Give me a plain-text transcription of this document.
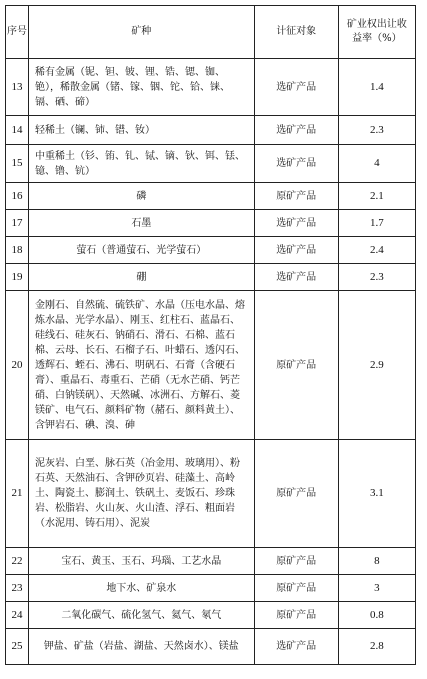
序号	矿种	计征对象	矿业权出让收益率（%）
13	稀有金属（铌、钽、铍、锂、锆、锶、铷、铯），稀散金属（锗、镓、铟、铊、铪、铼、镉、硒、碲）	选矿产品	1.4
14	轻稀土（镧、铈、镨、钕）	选矿产品	2.3
15	中重稀土（钐、铕、钆、铽、镝、钬、铒、铥、镱、镥、钪）	选矿产品	4
16	磷	原矿产品	2.1
17	石墨	选矿产品	1.7
18	萤石（普通萤石、光学萤石）	选矿产品	2.4
19	硼	选矿产品	2.3
20	金刚石、自然硫、硫铁矿、水晶（压电水晶、熔炼水晶、光学水晶）、刚玉、红柱石、蓝晶石、硅线石、硅灰石、钠硝石、滑石、石棉、蓝石棉、云母、长石、石榴子石、叶蜡石、透闪石、透辉石、蛭石、沸石、明矾石、石膏（含硬石膏）、重晶石、毒重石、芒硝（无水芒硝、钙芒硝、白钠镁矾）、天然碱、冰洲石、方解石、菱镁矿、电气石、颜料矿物（赭石、颜料黄土）、含钾岩石、碘、溴、砷	原矿产品	2.9
21	泥灰岩、白垩、脉石英（冶金用、玻璃用）、粉石英、天然油石、含钾砂页岩、硅藻土、高岭土、陶瓷土、膨润土、铁矾土、麦饭石、珍珠岩、松脂岩、火山灰、火山渣、浮石、粗面岩（水泥用、铸石用）、泥炭	原矿产品	3.1
22	宝石、黄玉、玉石、玛瑙、工艺水晶	原矿产品	8
23	地下水、矿泉水	原矿产品	3
24	二氧化碳气、硫化氢气、氦气、氡气	原矿产品	0.8
25	钾盐、矿盐（岩盐、湖盐、天然卤水）、镁盐	选矿产品	2.8
